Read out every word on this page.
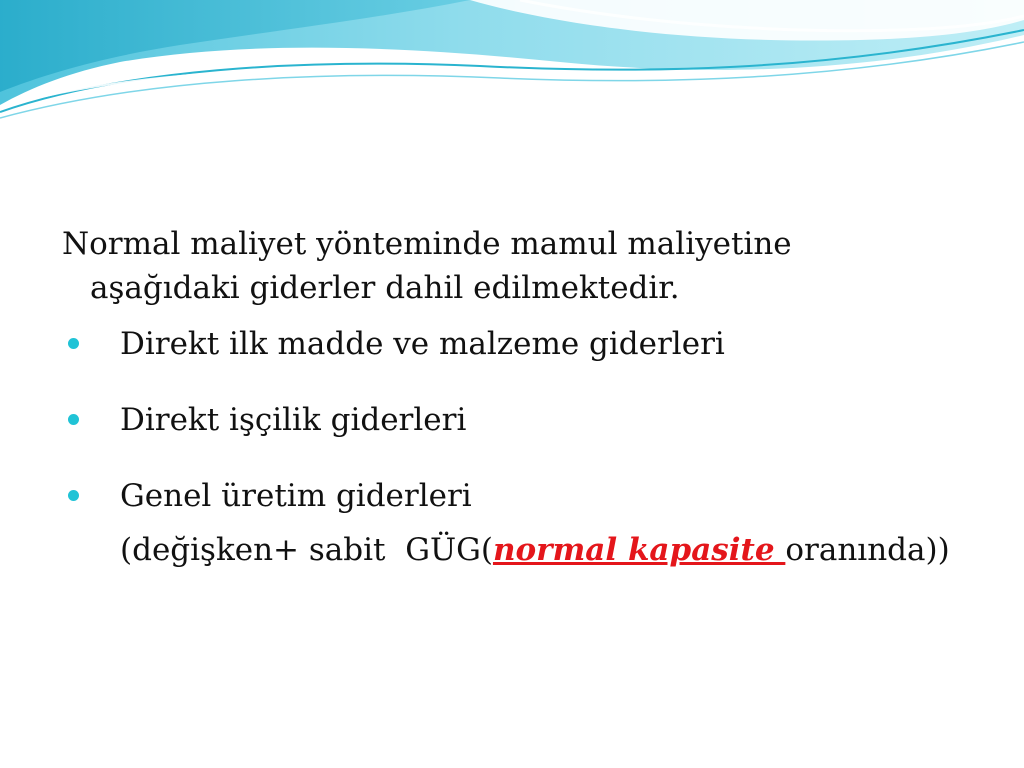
Normal maliyet yönteminde mamul maliyetine
aşağıdaki giderler dahil edilmektedir.

Direkt ilk madde ve malzeme giderleri
Direkt işçilik giderleri
Genel üretim giderleri
(değişken+ sabit  GÜG(normal kapasite oranında))
